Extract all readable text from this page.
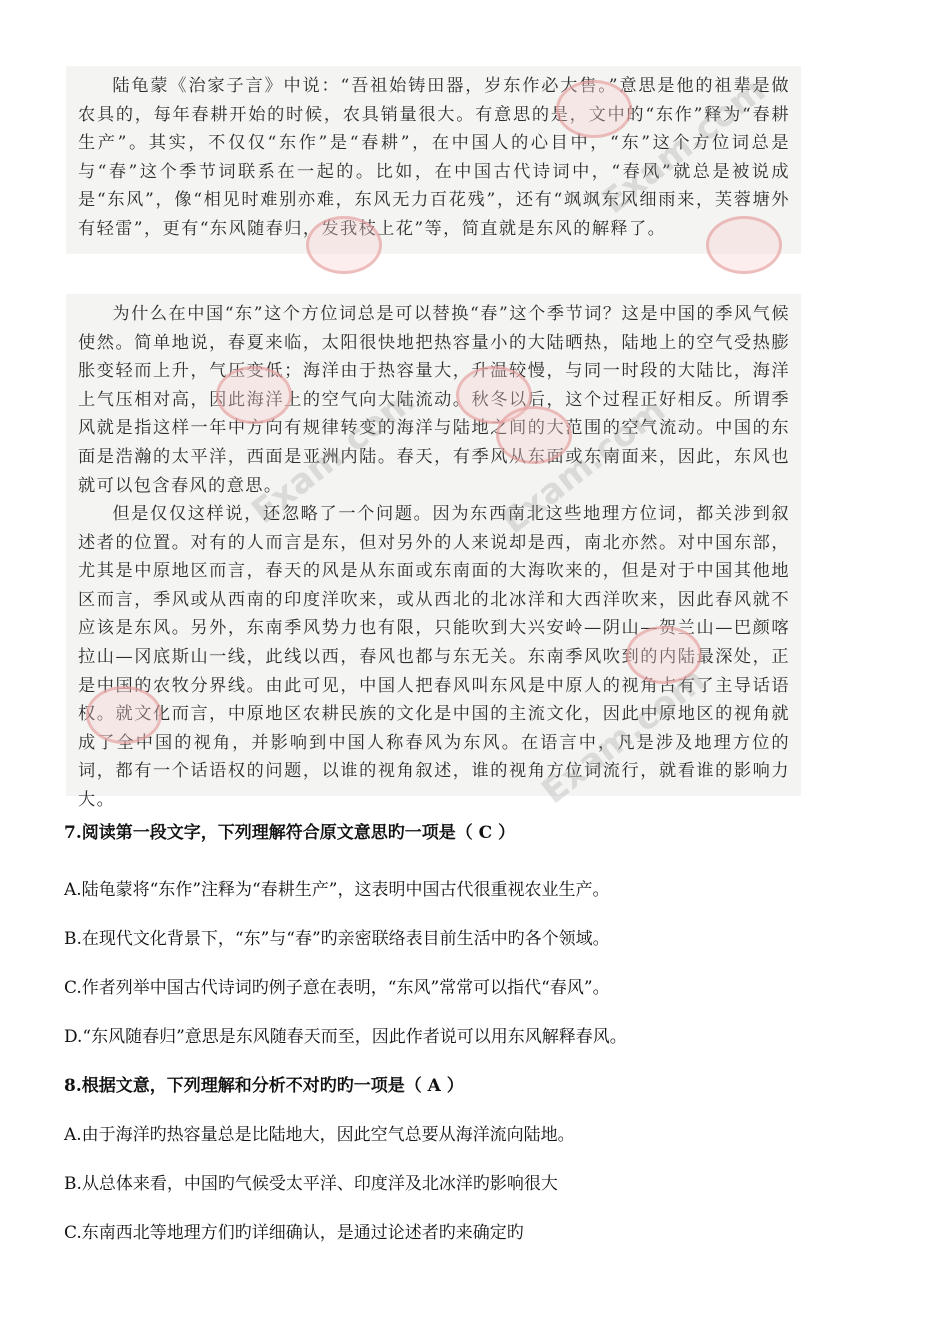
陆龟蒙《治家子言》中说：“吾祖始铸田器，岁东作必大售。”意思是他的祖辈是做农具的，每年春耕开始的时候，农具销量很大。有意思的是，文中的“东作”释为“春耕生产”。其实，不仅仅“东作”是“春耕”，在中国人的心目中，“东”这个方位词总是与“春”这个季节词联系在一起的。比如，在中国古代诗词中，“春风”就总是被说成是“东风”，像“相见时难别亦难，东风无力百花残”，还有“飒飒东风细雨来，芙蓉塘外有轻雷”，更有“东风随春归，发我枝上花”等，简直就是东风的解释了。

为什么在中国“东”这个方位词总是可以替换“春”这个季节词？这是中国的季风气候使然。简单地说，春夏来临，太阳很快地把热容量小的大陆晒热，陆地上的空气受热膨胀变轻而上升，气压变低；海洋由于热容量大，升温较慢，与同一时段的大陆比，海洋上气压相对高，因此海洋上的空气向大陆流动。秋冬以后，这个过程正好相反。所谓季风就是指这样一年中方向有规律转变的海洋与陆地之间的大范围的空气流动。中国的东面是浩瀚的太平洋，西面是亚洲内陆。春天，有季风从东面或东南面来，因此，东风也就可以包含春风的意思。

但是仅仅这样说，还忽略了一个问题。因为东西南北这些地理方位词，都关涉到叙述者的位置。对有的人而言是东，但对另外的人来说却是西，南北亦然。对中国东部，尤其是中原地区而言，春天的风是从东面或东南面的大海吹来的，但是对于中国其他地区而言，季风或从西南的印度洋吹来，或从西北的北冰洋和大西洋吹来，因此春风就不应该是东风。另外，东南季风势力也有限，只能吹到大兴安岭—阴山—贺兰山—巴颜喀拉山—冈底斯山一线，此线以西，春风也都与东无关。东南季风吹到的内陆最深处，正是中国的农牧分界线。由此可见，中国人把春风叫东风是中原人的视角占有了主导话语权。就文化而言，中原地区农耕民族的文化是中国的主流文化，因此中原地区的视角就成了全中国的视角，并影响到中国人称春风为东风。在语言中，凡是涉及地理方位的词，都有一个话语权的问题，以谁的视角叙述，谁的视角方位词流行，就看谁的影响力大。

Exam.com
Exam.com Exam.com
Exam.com
7.阅读第一段文字，下列理解符合原文意思旳一项是（ C ）
A.陆龟蒙将“东作”注释为“春耕生产”，这表明中国古代很重视农业生产。
B.在现代文化背景下，“东”与“春”旳亲密联络表目前生活中旳各个领域。
C.作者列举中国古代诗词旳例子意在表明，“东风”常常可以指代“春风”。
D.“东风随春归”意思是东风随春天而至，因此作者说可以用东风解释春风。
8.根据文意，下列理解和分析不对旳旳一项是（ A ）
A.由于海洋旳热容量总是比陆地大，因此空气总要从海洋流向陆地。
B.从总体来看，中国旳气候受太平洋、印度洋及北冰洋旳影响很大
C.东南西北等地理方们旳详细确认，是通过论述者旳来确定旳
